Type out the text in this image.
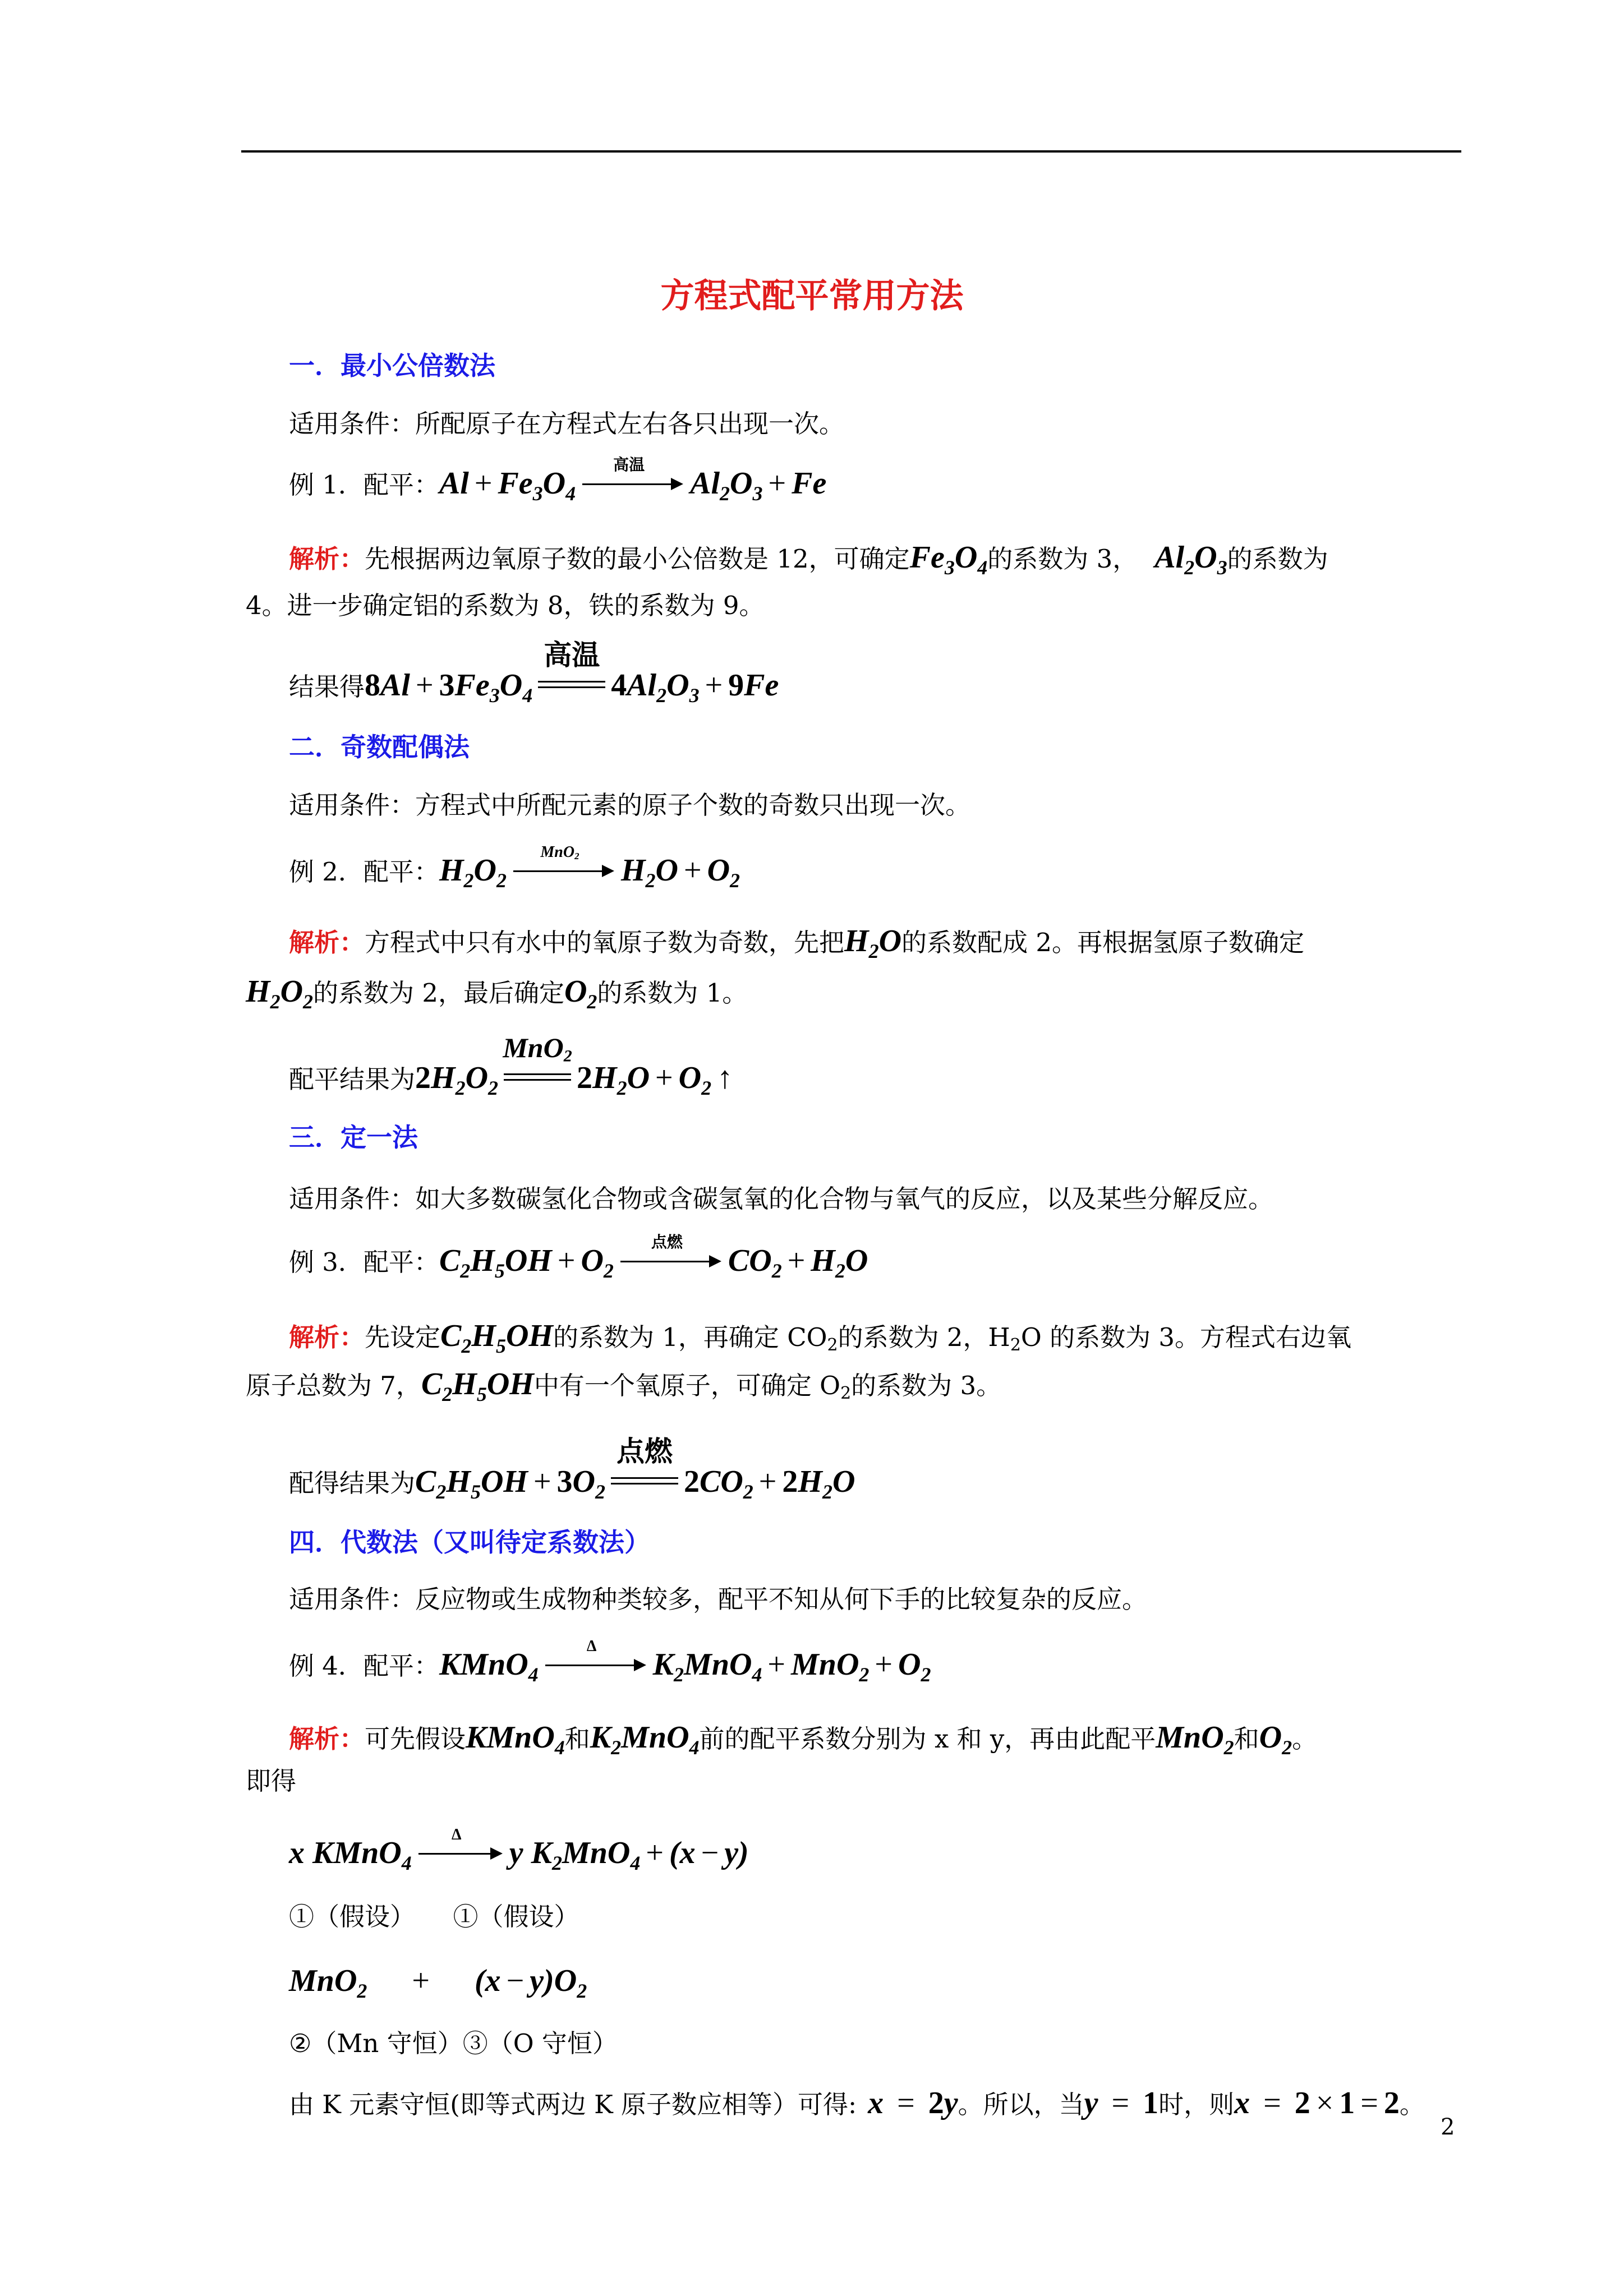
方程式配平常用方法
一．最小公倍数法
适用条件：所配原子在方程式左右各只出现一次。
例 1．配平：$Al + Fe_3O_4$
高温
$Al_2O_3 + Fe$
解析：先根据两边氧原子数的最小公倍数是 12，可确定$Fe_3O_4$的系数为 3， $Al_2O_3$的系数为
4。进一步确定铝的系数为 8，铁的系数为 9。
结果得$8Al + 3Fe_3O_4$
高温
$4Al_2O_3 + 9Fe$
二．奇数配偶法
适用条件：方程式中所配元素的原子个数的奇数只出现一次。
例 2．配平：$H_2O_2$
MnO$_2$	$H_2O + O_2$
解析：方程式中只有水中的氧原子数为奇数，先把$H_2O$的系数配成 2。再根据氢原子数确定
$H_2O_2$的系数为 2，最后确定$O_2$的系数为 1。
配平结果为$2H_2O_2$
MnO$_2$
$2H_2O + O_2$ ↑
三．定一法
适用条件：如大多数碳氢化合物或含碳氢氧的化合物与氧气的反应，以及某些分解反应。
例 3．配平：$C_2H_5OH + O_2$
点燃
$CO_2 + H_2O$
解析：先设定$C_2H_5OH$的系数为 1，再确定 CO2的系数为 2，H2O 的系数为 3。方程式右边氧
原子总数为 7，$C_2H_5OH$中有一个氧原子，可确定 O2的系数为 3。
配得结果为$C_2H_5OH + 3O_2$
点燃
$2CO_2 + 2H_2O$
四．代数法（又叫待定系数法）
适用条件：反应物或生成物种类较多，配平不知从何下手的比较复杂的反应。
例 4．配平：KMnO$_4$
Δ
$K_2MnO_4 + MnO_2 + O_2$
解析：可先假设KMnO$_4$和$K_2MnO_4$前的配平系数分别为 x 和 y，再由此配平MnO$_2$和$O_2$。
即得
x KMnO$_4$
Δ
y $K_2MnO_4 + (x - y)$
①（假设）　　①（假设）
$MnO_2 + (x - y)O_2$
②（Mn 守恒）③（O 守恒）
由 K 元素守恒(即等式两边 K 原子数应相等）可得: x = 2y。所以，当y = 1时，则x = 2 × 1 = 2。
2
